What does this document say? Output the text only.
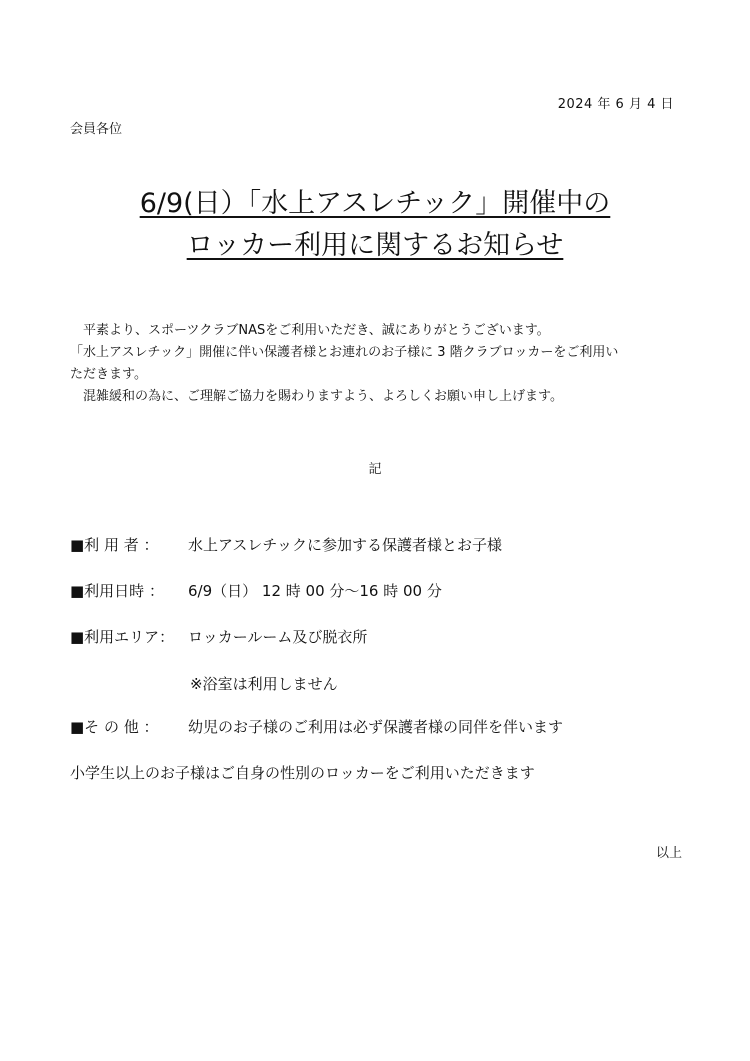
2024 年 6 月 4 日
会員各位
6/9(日）「水上アスレチック」開催中の
ロッカー利用に関するお知らせ

　平素より、スポーツクラブNASをご利用いただき、誠にありがとうございます。

「水上アスレチック」開催に伴い保護者様とお連れのお子様に 3 階クラブロッカーをご利用い

ただきます。

　混雑緩和の為に、ご理解ご協力を賜わりますよう、よろしくお願い申し上げます。

記
■利 用 者 ： 水上アスレチックに参加する保護者様とお子様
■利用日時 ： 6/9（日） 12 時 00 分～16 時 00 分
■利用エリア： ロッカールーム及び脱衣所
※浴室は利用しません
■そ の 他 ： 幼児のお子様のご利用は必ず保護者様の同伴を伴います
小学生以上のお子様はご自身の性別のロッカーをご利用いただきます
以上
